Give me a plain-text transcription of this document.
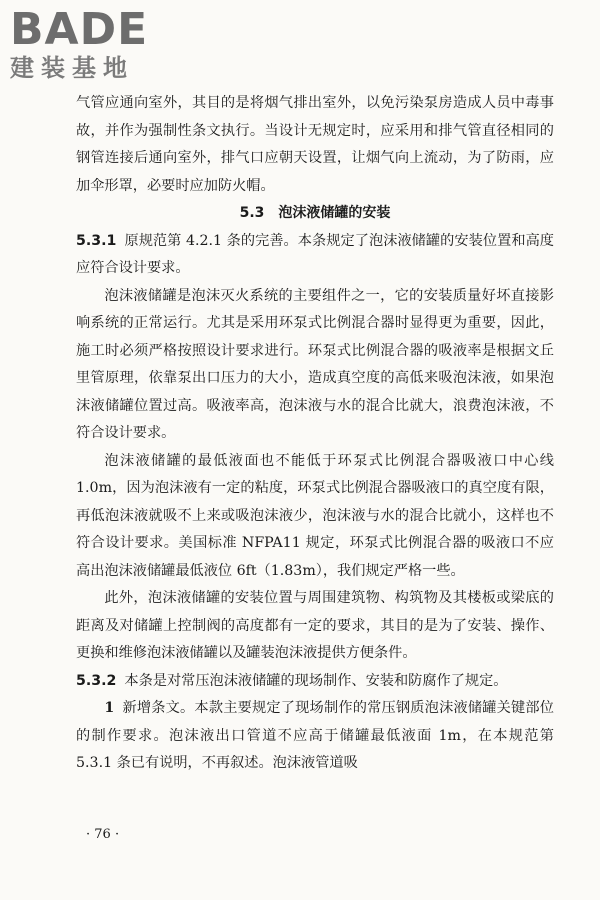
BADE
建装基地

气管应通向室外，其目的是将烟气排出室外，以免污染泵房造成人员中毒事故，并作为强制性条文执行。当设计无规定时，应采用和排气管直径相同的钢管连接后通向室外，排气口应朝天设置，让烟气向上流动，为了防雨，应加伞形罩，必要时应加防火帽。

5.3　泡沫液储罐的安装

5.3.1 原规范第 4.2.1 条的完善。本条规定了泡沫液储罐的安装位置和高度应符合设计要求。

泡沫液储罐是泡沫灭火系统的主要组件之一，它的安装质量好坏直接影响系统的正常运行。尤其是采用环泵式比例混合器时显得更为重要，因此，施工时必须严格按照设计要求进行。环泵式比例混合器的吸液率是根据文丘里管原理，依靠泵出口压力的大小，造成真空度的高低来吸泡沫液，如果泡沫液储罐位置过高。吸液率高，泡沫液与水的混合比就大，浪费泡沫液，不符合设计要求。

泡沫液储罐的最低液面也不能低于环泵式比例混合器吸液口中心线 1.0m，因为泡沫液有一定的粘度，环泵式比例混合器吸液口的真空度有限，再低泡沫液就吸不上来或吸泡沫液少，泡沫液与水的混合比就小，这样也不符合设计要求。美国标准 NFPA11 规定，环泵式比例混合器的吸液口不应高出泡沫液储罐最低液位 6ft（1.83m），我们规定严格一些。

此外，泡沫液储罐的安装位置与周围建筑物、构筑物及其楼板或梁底的距离及对储罐上控制阀的高度都有一定的要求，其目的是为了安装、操作、更换和维修泡沫液储罐以及罐装泡沫液提供方便条件。

5.3.2 本条是对常压泡沫液储罐的现场制作、安装和防腐作了规定。

1 新增条文。本款主要规定了现场制作的常压钢质泡沫液储罐关键部位的制作要求。泡沫液出口管道不应高于储罐最低液面 1m，在本规范第 5.3.1 条已有说明，不再叙述。泡沫液管道吸

· 76 ·
